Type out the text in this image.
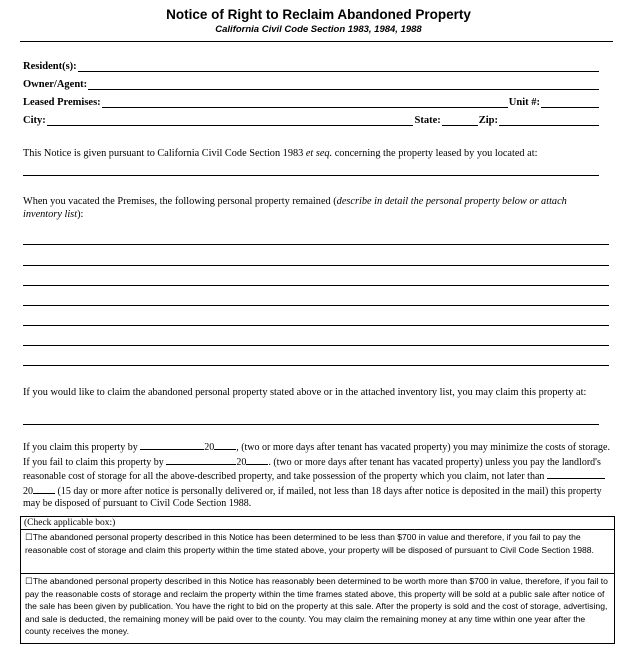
Notice of Right to Reclaim Abandoned Property
California Civil Code Section 1983, 1984, 1988
Resident(s):
Owner/Agent:
Leased Premises:	Unit #:
City:	State:	Zip:
This Notice is given pursuant to California Civil Code Section 1983 et seq. concerning the property leased by you located at:
When you vacated the Premises, the following personal property remained (describe in detail the personal property below or attach inventory list):
If you would like to claim the abandoned personal property stated above or in the attached inventory list, you may claim this property at:
If you claim this property by	20 , (two or more days after tenant has vacated property) you may minimize the costs of storage. If you fail to claim this property by	20 . (two or more days after tenant has vacated property) unless you pay the landlord's reasonable cost of storage for all the above-described property, and take possession of the property which you claim, not later than 20 (15 day or more after notice is personally delivered or, if mailed, not less than 18 days after notice is deposited in the mail) this property may be disposed of pursuant to Civil Code Section 1988.
(Check applicable box:)
☐The abandoned personal property described in this Notice has been determined to be less than $700 in value and therefore, if you fail to pay the reasonable cost of storage and claim this property within the time stated above, your property will be disposed of pursuant to Civil Code Section 1988.
☐The abandoned personal property described in this Notice has reasonably been determined to be worth more than $700 in value, therefore, if you fail to pay the reasonable costs of storage and reclaim the property within the time frames stated above, this property will be sold at a public sale after notice of the sale has been given by publication. You have the right to bid on the property at this sale. After the property is sold and the cost of storage, advertising, and sale is deducted, the remaining money will be paid over to the county. You may claim the remaining money at any time within one year after the county receives the money.
